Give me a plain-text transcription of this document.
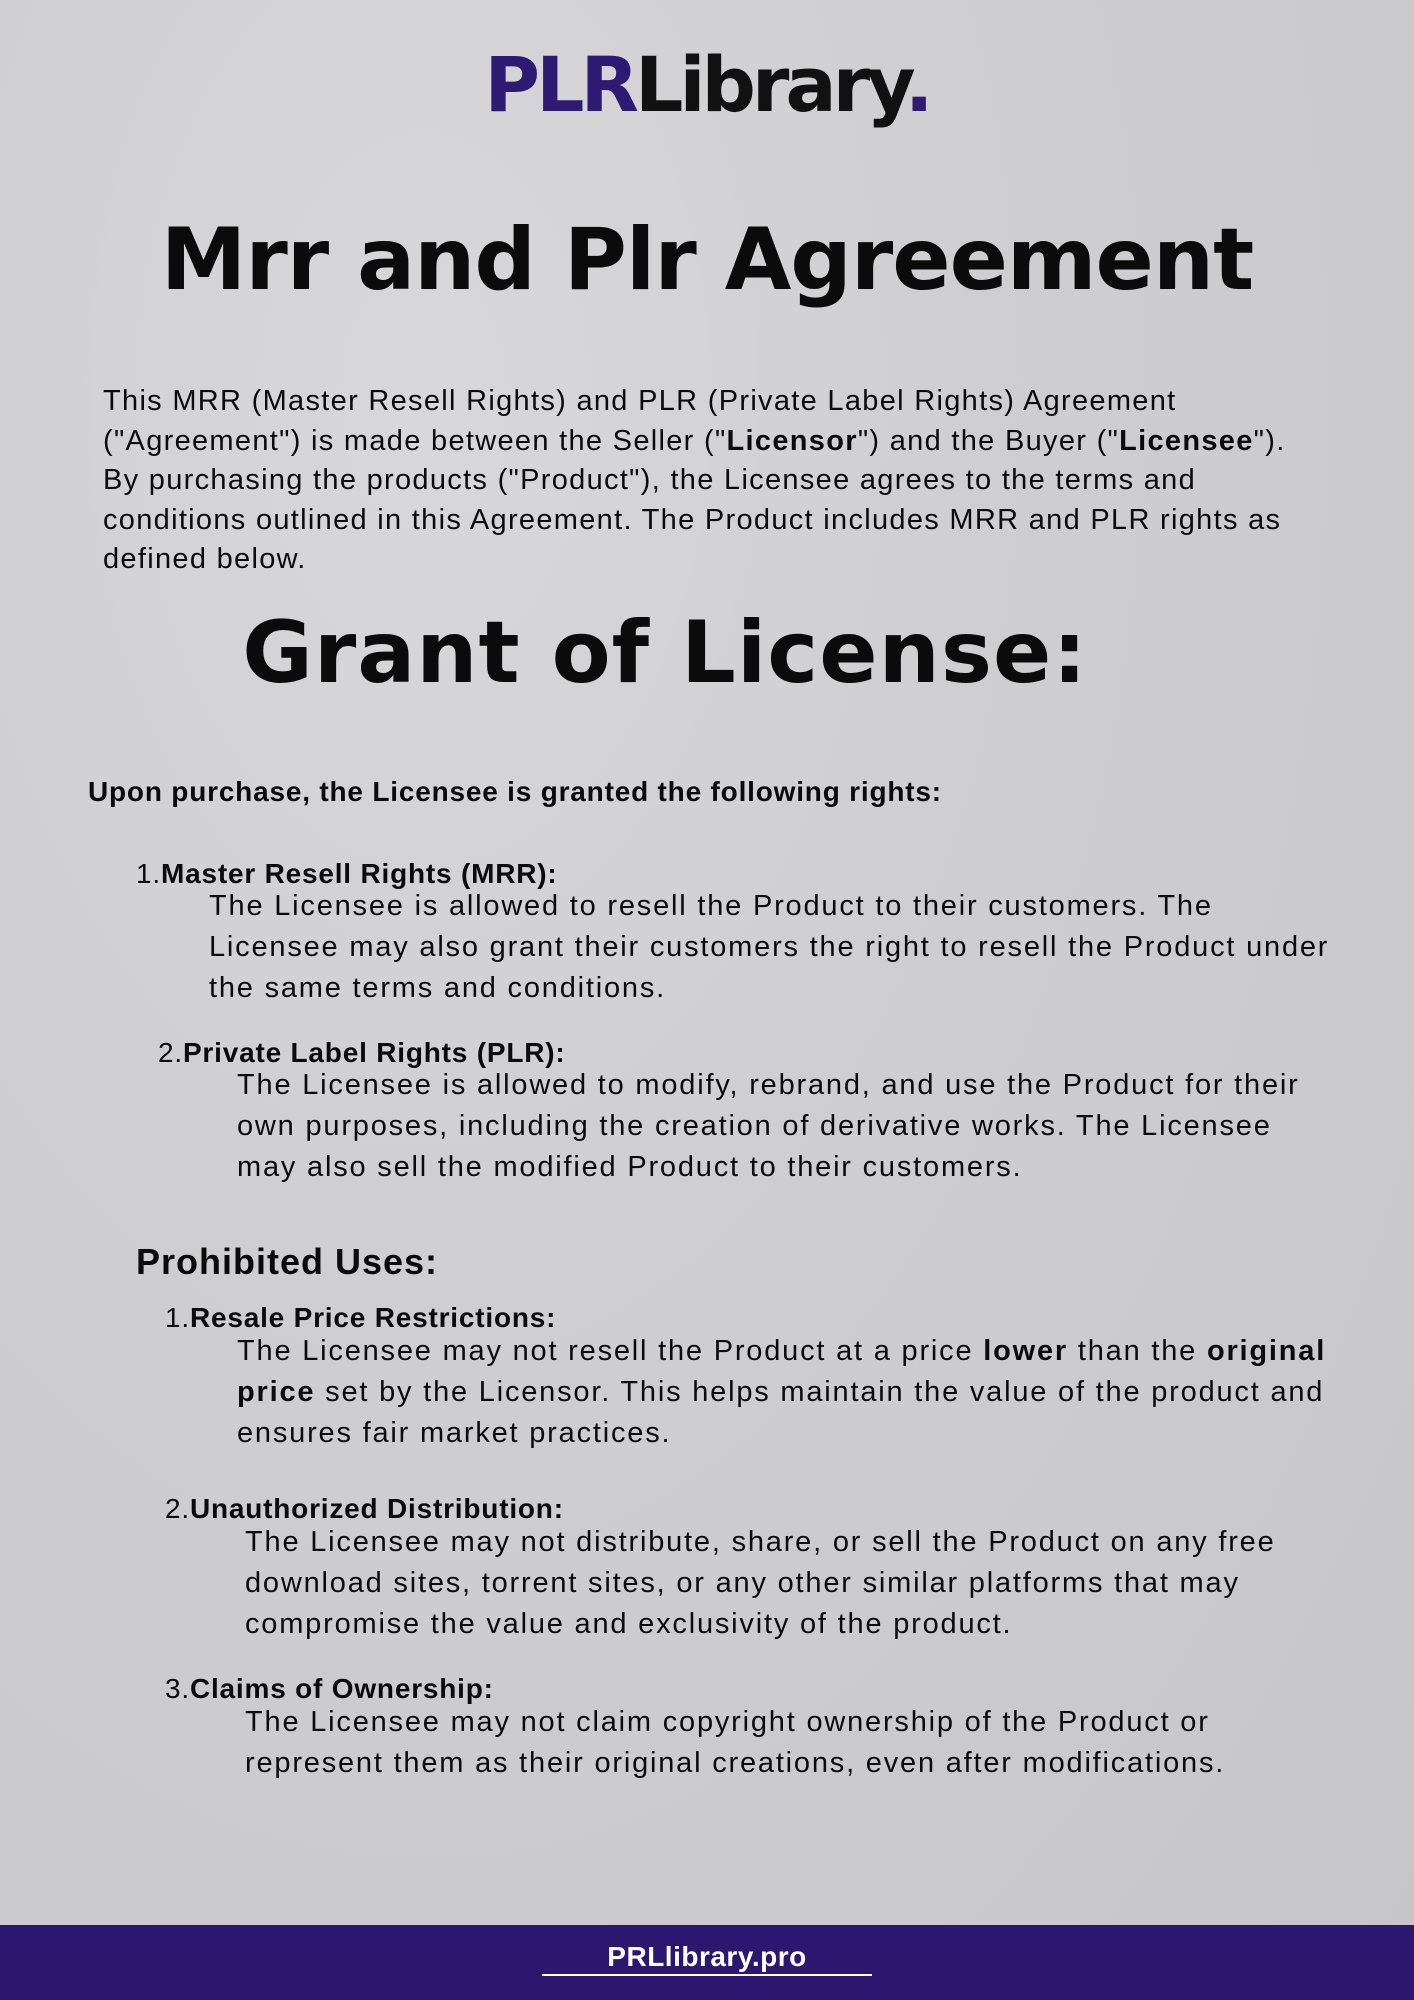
PLRLibrary.
Mrr and Plr Agreement

This MRR (Master Resell Rights) and PLR (Private Label Rights) Agreement ("Agreement") is made between the Seller ("Licensor") and the Buyer ("Licensee"). By purchasing the products ("Product"), the Licensee agrees to the terms and conditions outlined in this Agreement. The Product includes MRR and PLR rights as defined below.

Grant of License:

Upon purchase, the Licensee is granted the following rights:

1.Master Resell Rights (MRR):

The Licensee is allowed to resell the Product to their customers. The Licensee may also grant their customers the right to resell the Product under the same terms and conditions.

2.Private Label Rights (PLR):

The Licensee is allowed to modify, rebrand, and use the Product for their own purposes, including the creation of derivative works. The Licensee may also sell the modified Product to their customers.

Prohibited Uses:
1.Resale Price Restrictions:

The Licensee may not resell the Product at a price lower than the original price set by the Licensor. This helps maintain the value of the product and ensures fair market practices.

2.Unauthorized Distribution:

The Licensee may not distribute, share, or sell the Product on any free download sites, torrent sites, or any other similar platforms that may compromise the value and exclusivity of the product.

3.Claims of Ownership:

The Licensee may not claim copyright ownership of the Product or represent them as their original creations, even after modifications.

PRLlibrary.pro
